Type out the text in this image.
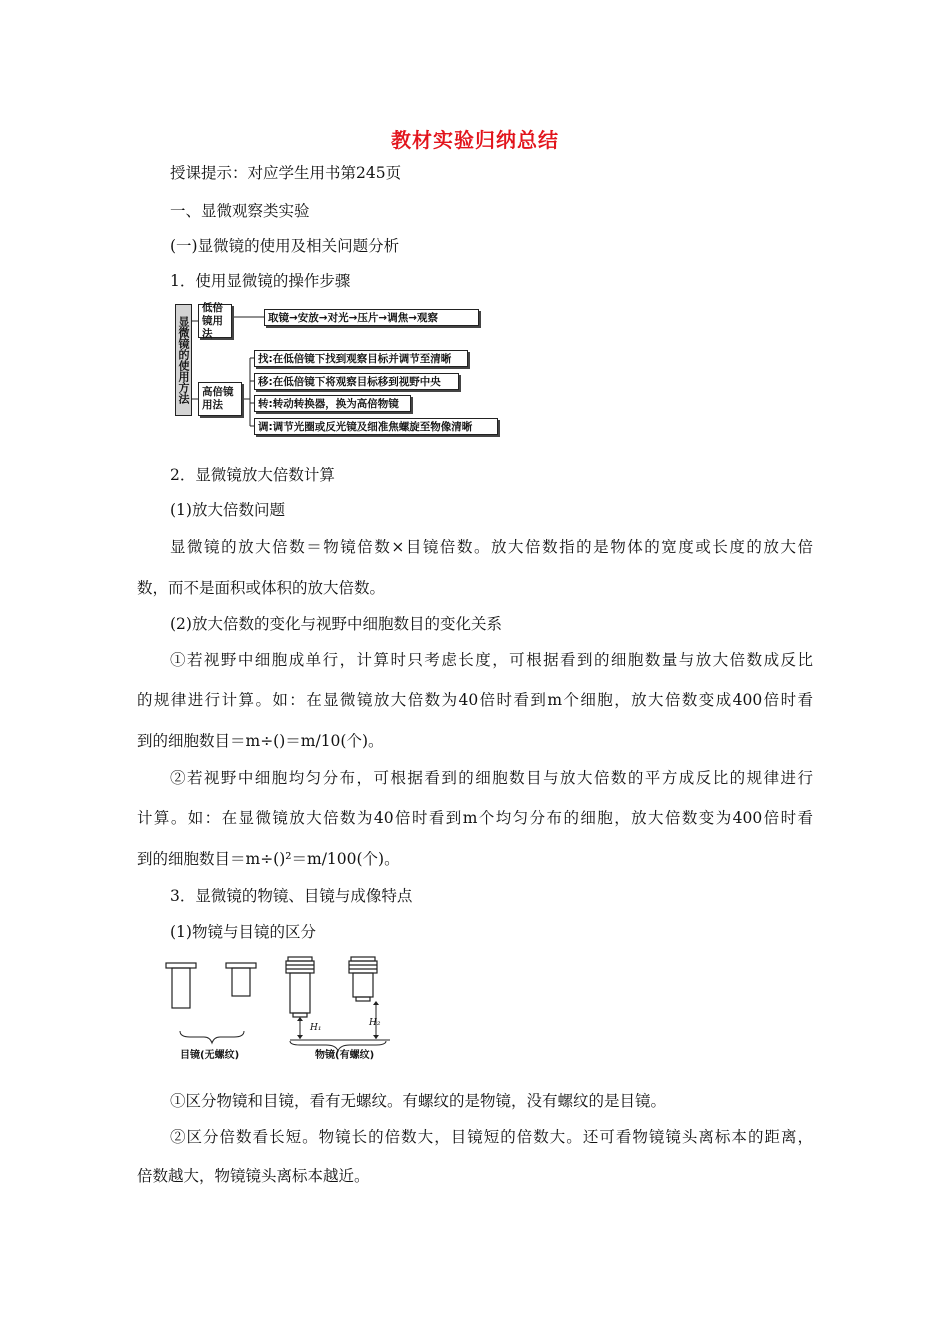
教材实验归纳总结
授课提示：对应学生用书第245页
一、显微观察类实验
(一)显微镜的使用及相关问题分析
1．使用显微镜的操作步骤
显微镜的使用方法
低倍镜用法
取镜→安放→对光→压片→调焦→观察
高倍镜用法
找:在低倍镜下找到观察目标并调节至清晰
移:在低倍镜下将观察目标移到视野中央
转:转动转换器，换为高倍物镜
调:调节光圈或反光镜及细准焦螺旋至物像清晰
2．显微镜放大倍数计算
(1)放大倍数问题
显微镜的放大倍数＝物镜倍数×目镜倍数。放大倍数指的是物体的宽度或长度的放大倍
数，而不是面积或体积的放大倍数。
(2)放大倍数的变化与视野中细胞数目的变化关系
①若视野中细胞成单行，计算时只考虑长度，可根据看到的细胞数量与放大倍数成反比
的规律进行计算。如：在显微镜放大倍数为40倍时看到m个细胞，放大倍数变成400倍时看
到的细胞数目＝m÷()＝m/10(个)。
②若视野中细胞均匀分布，可根据看到的细胞数目与放大倍数的平方成反比的规律进行
计算。如：在显微镜放大倍数为40倍时看到m个均匀分布的细胞，放大倍数变为400倍时看
到的细胞数目＝m÷()²＝m/100(个)。
3．显微镜的物镜、目镜与成像特点
(1)物镜与目镜的区分
H₁	H₂
目镜(无螺纹)	物镜(有螺纹)
①区分物镜和目镜，看有无螺纹。有螺纹的是物镜，没有螺纹的是目镜。
②区分倍数看长短。物镜长的倍数大，目镜短的倍数大。还可看物镜镜头离标本的距离，
倍数越大，物镜镜头离标本越近。
